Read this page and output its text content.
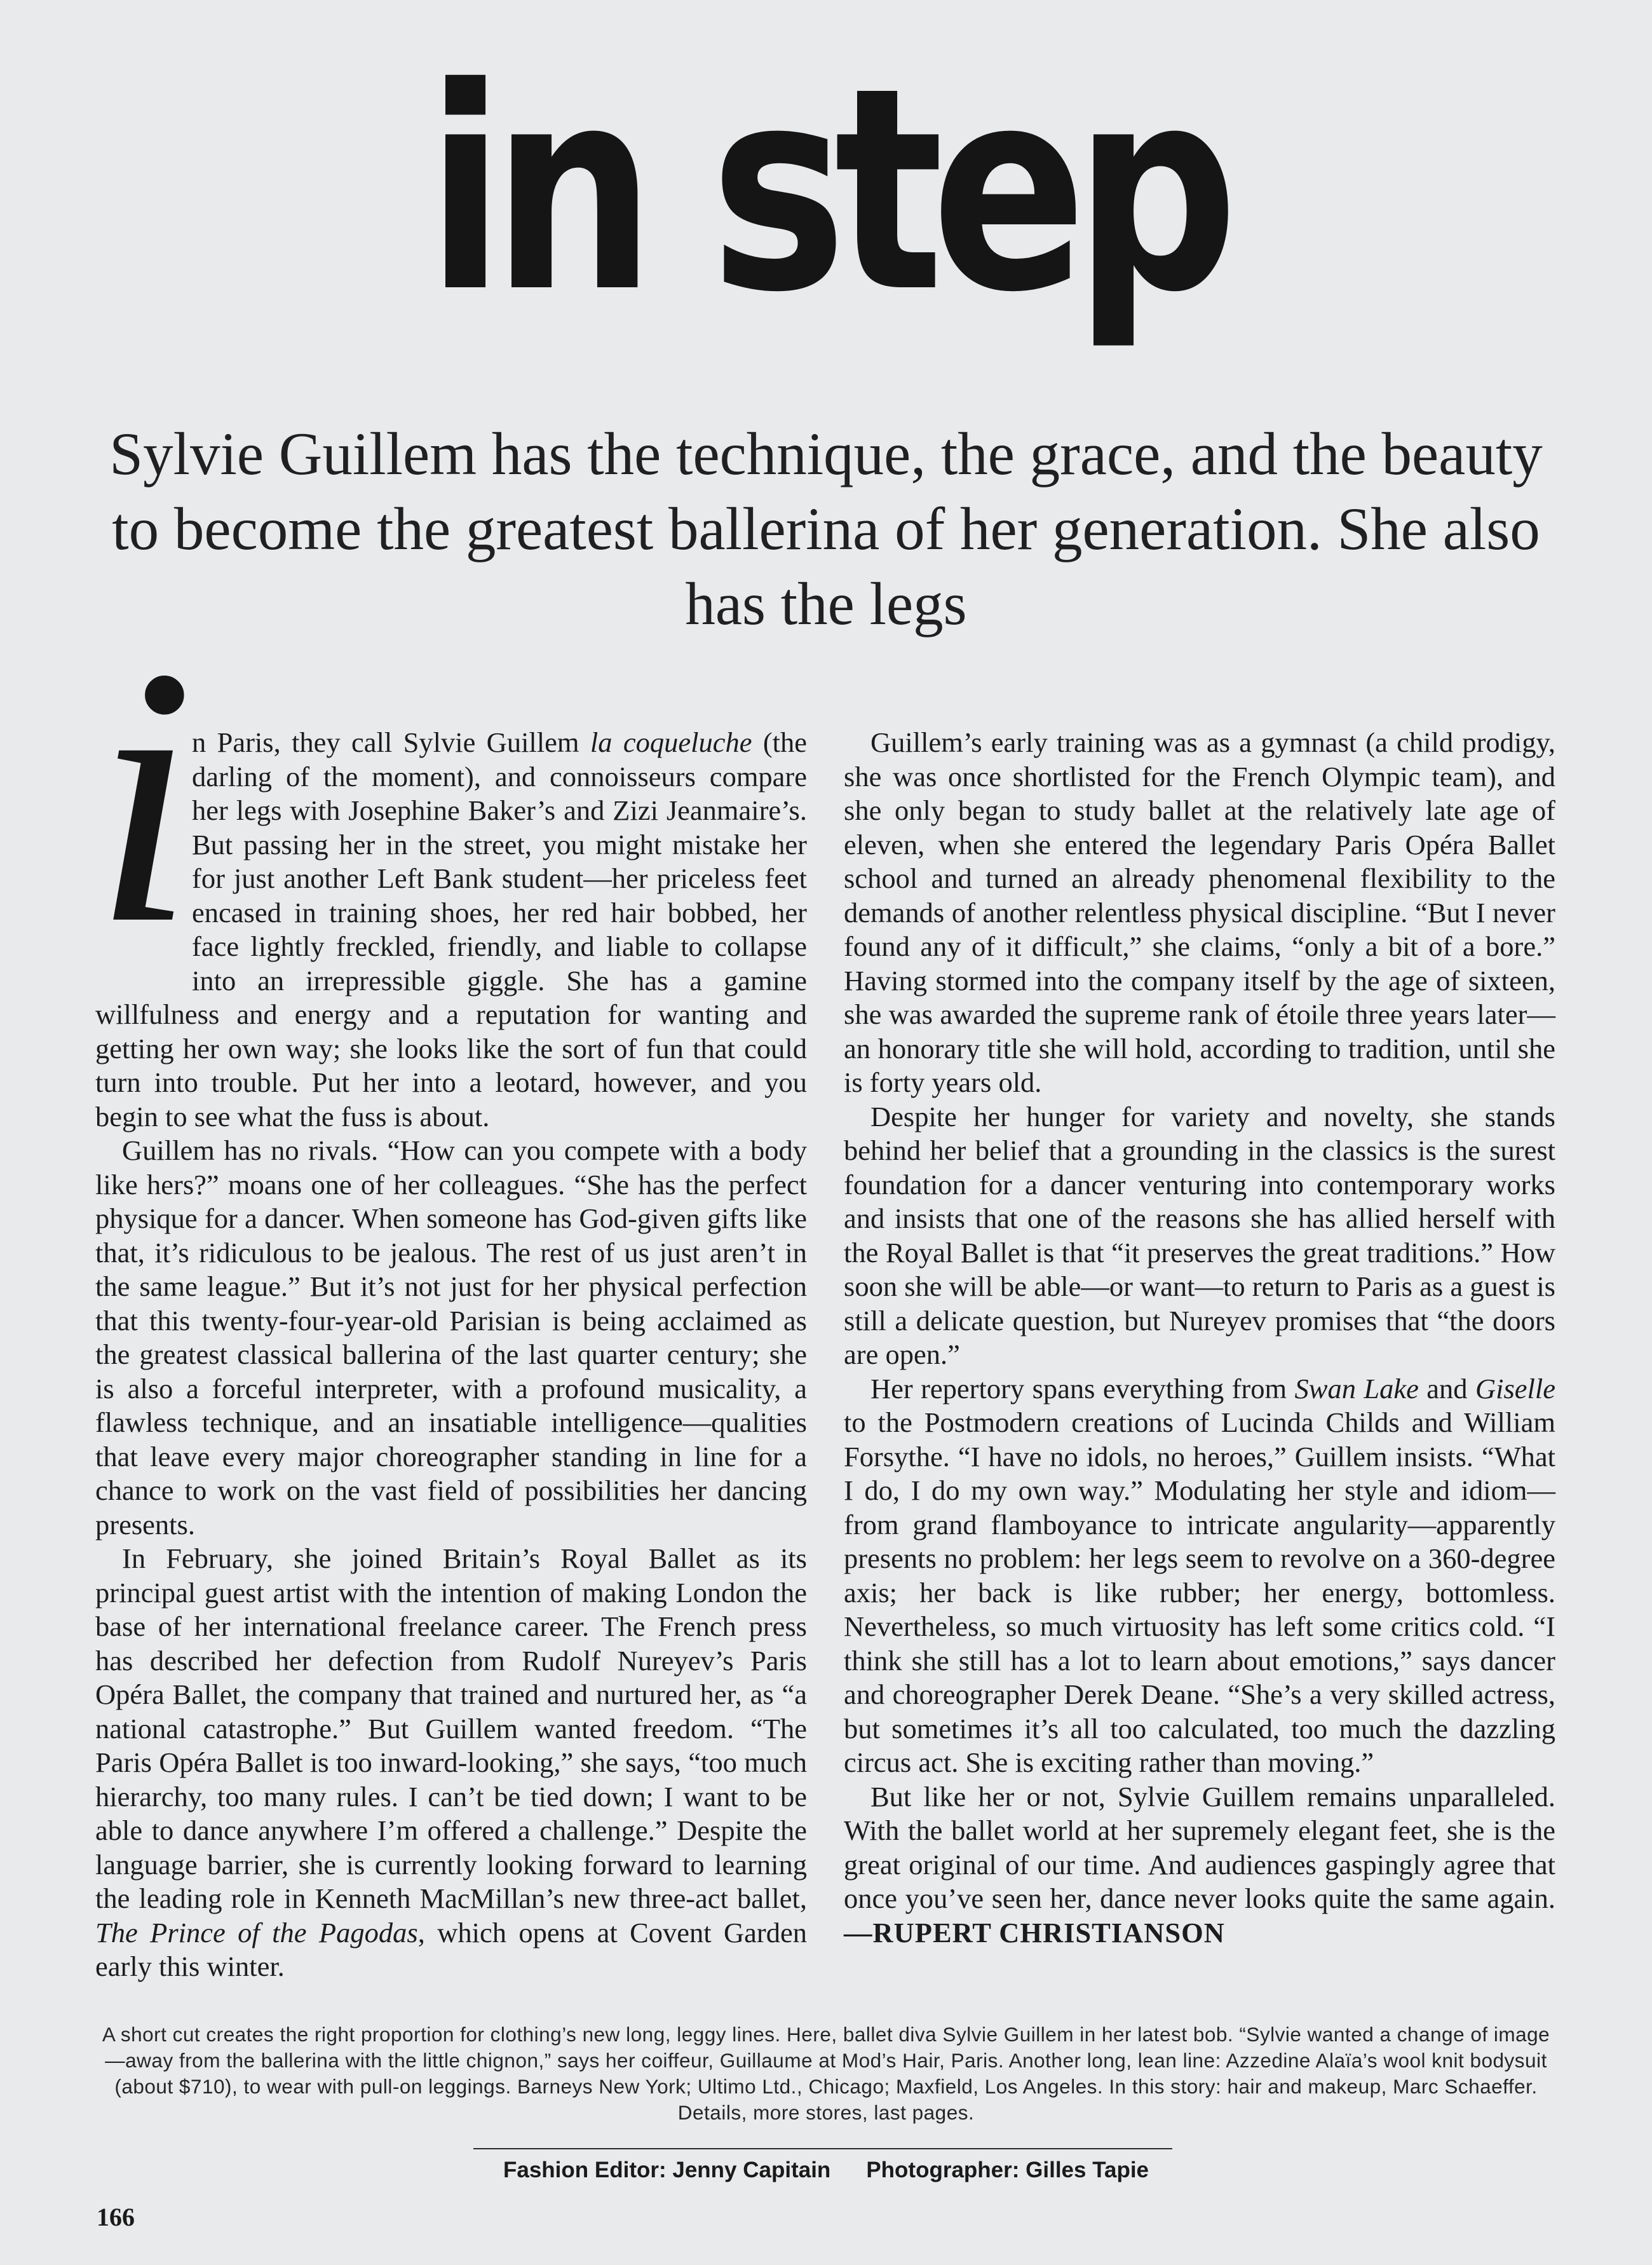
in step
Sylvie Guillem has the technique, the grace, and the beauty to become the greatest ballerina of her generation. She also has the legs

i
n Paris, they call Sylvie Guillem la coqueluche (the darling of the moment), and connoisseurs compare her legs with Josephine Baker’s and Zizi Jeanmaire’s. But passing her in the street, you might mistake her for just another Left Bank student—her priceless feet encased in training shoes, her red hair bobbed, her face lightly freckled, friendly, and liable to collapse into an irrepressible giggle. She has a gamine willfulness and energy and a reputation for wanting and getting her own way; she looks like the sort of fun that could turn into trouble. Put her into a leotard, however, and you begin to see what the fuss is about.

Guillem has no rivals. “How can you compete with a body like hers?” moans one of her colleagues. “She has the perfect physique for a dancer. When someone has God-given gifts like that, it’s ridiculous to be jealous. The rest of us just aren’t in the same league.” But it’s not just for her physical perfection that this twenty-four-year-old Parisian is being acclaimed as the greatest classical ballerina of the last quarter century; she is also a forceful interpreter, with a profound musicality, a flawless technique, and an insatiable intelligence—qualities that leave every major choreographer standing in line for a chance to work on the vast field of possibilities her dancing presents.

In February, she joined Britain’s Royal Ballet as its principal guest artist with the intention of making London the base of her international freelance career. The French press has described her defection from Rudolf Nureyev’s Paris Opéra Ballet, the company that trained and nurtured her, as “a national catastrophe.” But Guillem wanted freedom. “The Paris Opéra Ballet is too inward-looking,” she says, “too much hierarchy, too many rules. I can’t be tied down; I want to be able to dance anywhere I’m offered a challenge.” Despite the language barrier, she is currently looking forward to learning the leading role in Kenneth MacMillan’s new three-act ballet, The Prince of the Pagodas, which opens at Covent Garden early this winter.

Guillem’s early training was as a gymnast (a child prodigy, she was once shortlisted for the French Olympic team), and she only began to study ballet at the relatively late age of eleven, when she entered the legendary Paris Opéra Ballet school and turned an already phenomenal flexibility to the demands of another relentless physical discipline. “But I never found any of it difficult,” she claims, “only a bit of a bore.” Having stormed into the company itself by the age of sixteen, she was awarded the supreme rank of étoile three years later—an honorary title she will hold, according to tradition, until she is forty years old.

Despite her hunger for variety and novelty, she stands behind her belief that a grounding in the classics is the surest foundation for a dancer venturing into contemporary works and insists that one of the reasons she has allied herself with the Royal Ballet is that “it preserves the great traditions.” How soon she will be able—or want—to return to Paris as a guest is still a delicate question, but Nureyev promises that “the doors are open.”

Her repertory spans everything from Swan Lake and Giselle to the Postmodern creations of Lucinda Childs and William Forsythe. “I have no idols, no heroes,” Guillem insists. “What I do, I do my own way.” Modulating her style and idiom—from grand flamboyance to intricate angularity—apparently presents no problem: her legs seem to revolve on a 360-degree axis; her back is like rubber; her energy, bottomless. Nevertheless, so much virtuosity has left some critics cold. “I think she still has a lot to learn about emotions,” says dancer and choreographer Derek Deane. “She’s a very skilled actress, but sometimes it’s all too calculated, too much the dazzling circus act. She is exciting rather than moving.”

But like her or not, Sylvie Guillem remains unparalleled. With the ballet world at her supremely elegant feet, she is the great original of our time. And audiences gaspingly agree that once you’ve seen her, dance never looks quite the same again. —RUPERT CHRISTIANSON

A short cut creates the right proportion for clothing’s new long, leggy lines. Here, ballet diva Sylvie Guillem in her latest bob. “Sylvie wanted a change of image—away from the ballerina with the little chignon,” says her coiffeur, Guillaume at Mod’s Hair, Paris. Another long, lean line: Azzedine Alaïa’s wool knit bodysuit (about $710), to wear with pull-on leggings. Barneys New York; Ultimo Ltd., Chicago; Maxfield, Los Angeles. In this story: hair and makeup, Marc Schaeffer. Details, more stores, last pages.
Fashion Editor: Jenny Capitain Photographer: Gilles Tapie
166
